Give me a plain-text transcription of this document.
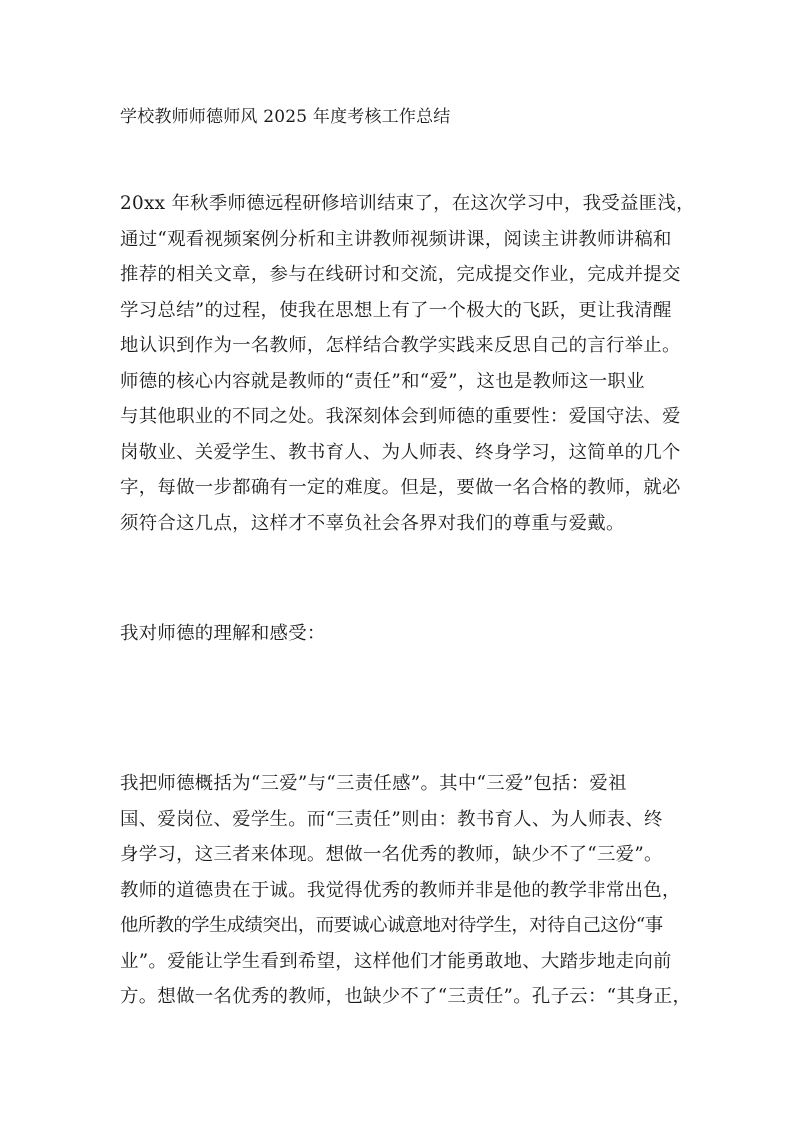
学校教师师德师风 2025 年度考核工作总结
20xx 年秋季师德远程研修培训结束了，在这次学习中，我受益匪浅，
通过“观看视频案例分析和主讲教师视频讲课，阅读主讲教师讲稿和
推荐的相关文章，参与在线研讨和交流，完成提交作业，完成并提交
学习总结”的过程，使我在思想上有了一个极大的飞跃，更让我清醒
地认识到作为一名教师，怎样结合教学实践来反思自己的言行举止。
师德的核心内容就是教师的“责任”和“爱”，这也是教师这一职业
与其他职业的不同之处。我深刻体会到师德的重要性：爱国守法、爱
岗敬业、关爱学生、教书育人、为人师表、终身学习，这简单的几个
字，每做一步都确有一定的难度。但是，要做一名合格的教师，就必
须符合这几点，这样才不辜负社会各界对我们的尊重与爱戴。
我对师德的理解和感受：
我把师德概括为“三爱”与“三责任感”。其中“三爱”包括：爱祖
国、爱岗位、爱学生。而“三责任”则由：教书育人、为人师表、终
身学习，这三者来体现。想做一名优秀的教师，缺少不了“三爱”。
教师的道德贵在于诚。我觉得优秀的教师并非是他的教学非常出色，
他所教的学生成绩突出，而要诚心诚意地对待学生，对待自己这份“事
业”。爱能让学生看到希望，这样他们才能勇敢地、大踏步地走向前
方。想做一名优秀的教师，也缺少不了“三责任”。孔子云：“其身正，
